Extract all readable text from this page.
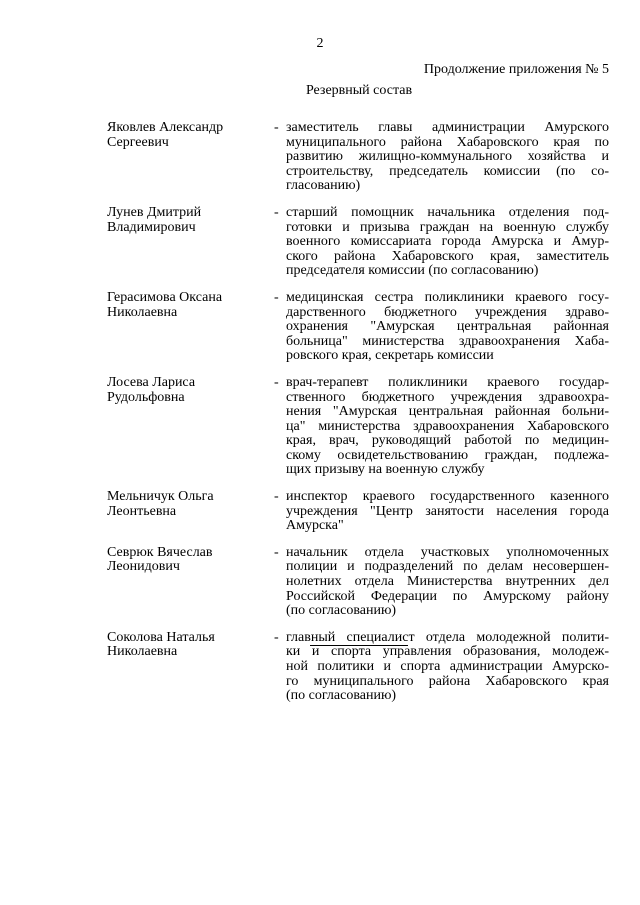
2
Продолжение приложения № 5
Резервный состав
Яковлев Александр
Сергеевич
- заместитель главы администрации Амурского
муниципального района Хабаровского края по
развитию жилищно-коммунального хозяйства и
строительству, председатель комиссии (по со-
гласованию)
Лунев Дмитрий
Владимирович
- старший помощник начальника отделения под-
готовки и призыва граждан на военную службу
военного комиссариата города Амурска и Амур-
ского района Хабаровского края, заместитель
председателя комиссии (по согласованию)
Герасимова Оксана
Николаевна
- медицинская сестра поликлиники краевого госу-
дарственного бюджетного учреждения здраво-
охранения "Амурская центральная районная
больница" министерства здравоохранения Хаба-
ровского края, секретарь комиссии
Лосева Лариса
Рудольфовна
- врач-терапевт поликлиники краевого государ-
ственного бюджетного учреждения здравоохра-
нения "Амурская центральная районная больни-
ца" министерства здравоохранения Хабаровского
края, врач, руководящий работой по медицин-
скому освидетельствованию граждан, подлежа-
щих призыву на военную службу
Мельничук Ольга
Леонтьевна
- инспектор краевого государственного казенного
учреждения "Центр занятости населения города
Амурска"
Севрюк Вячеслав
Леонидович
- начальник отдела участковых уполномоченных
полиции и подразделений по делам несовершен-
нолетних отдела Министерства внутренних дел
Российской Федерации по Амурскому району
(по согласованию)
Соколова Наталья
Николаевна
- главный специалист отдела молодежной полити-
ки и спорта управления образования, молодеж-
ной политики и спорта администрации Амурско-
го муниципального района Хабаровского края
(по согласованию)
